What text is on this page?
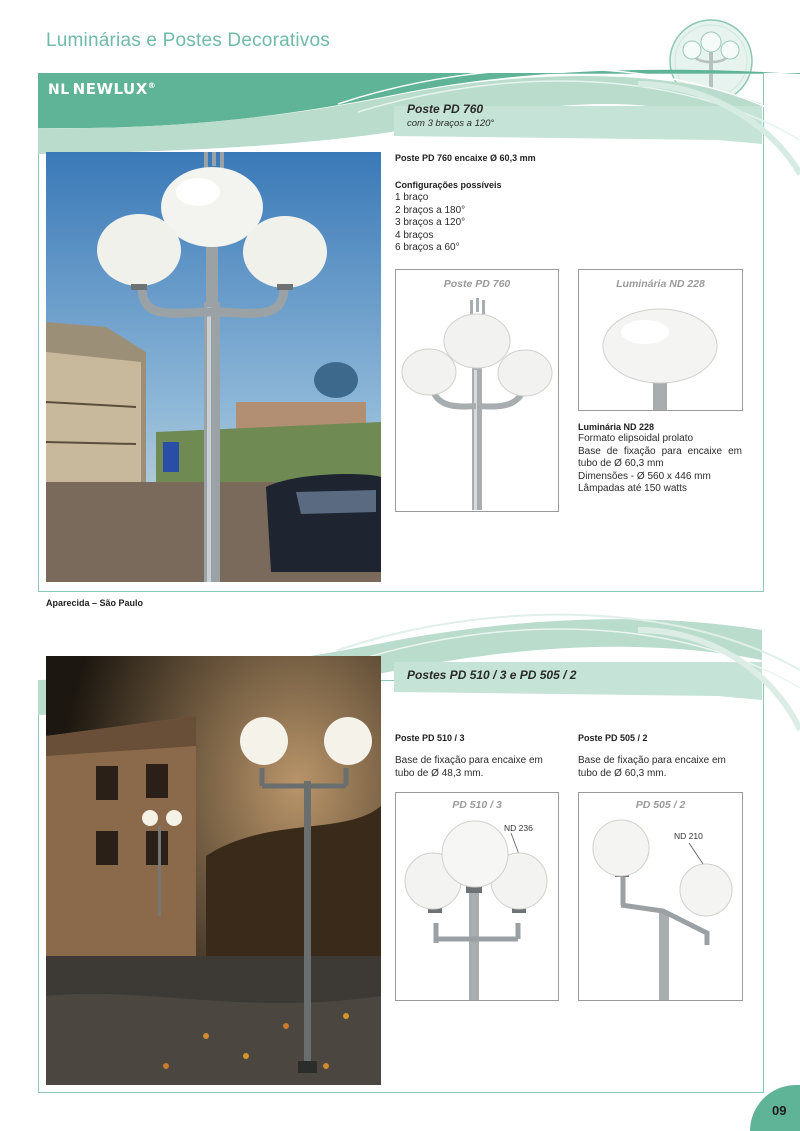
Luminárias e Postes Decorativos
NL NEWLUX®
Poste PD 760
com 3 braços a 120°
Aparecida – São Paulo
Poste PD 760 encaixe Ø 60,3 mm
Configurações possíveis
1 braço
2 braços a 180°
3 braços a 120°
4 braços
6 braços a 60°
Poste PD 760	Luminária ND 228
Luminária ND 228
Formato elipsoidal prolato
Base de fixação para encaixe em tubo de Ø 60,3 mm
Dimensões - Ø 560 x 446 mm
Lâmpadas até 150 watts
Postes PD 510 / 3 e PD 505 / 2
Poste PD 510 / 3
Base de fixação para encaixe em tubo de Ø 48,3 mm.
Poste PD 505 / 2
Base de fixação para encaixe em tubo de Ø 60,3 mm.
PD 510 / 3
ND 236
PD 505 / 2
ND 210
09
